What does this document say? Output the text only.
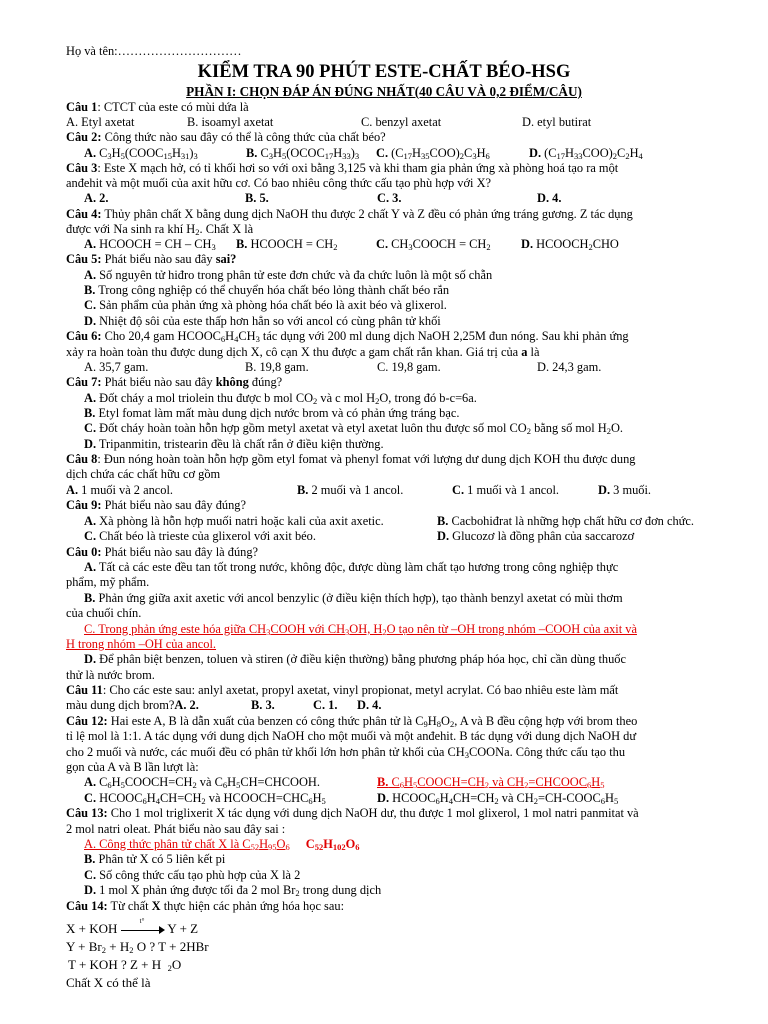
Họ và tên:…………………………
KIỂM TRA 90 PHÚT ESTE-CHẤT BÉO-HSG
PHẦN I: CHỌN ĐÁP ÁN ĐÚNG NHẤT(40 CÂU VÀ 0,2 ĐIỂM/CÂU)
Câu 1: CTCT của este có mùi dứa là
A. Etyl axetat	B. isoamyl axetat	C. benzyl axetat	D. etyl butirat
Câu 2: Công thức nào sau đây có thể là công thức của chất béo?
A. $C_3H_5(COOC_{15}H_{31})_3$	B. $C_3H_5(OCOC_{17}H_{33})_3$ C. $(C_{17}H_{35}COO)_2C_3H_6$	D. $(C_{17}H_{33}COO)_2C_2H_4$
Câu 3: Este X mạch hở, có tỉ khối hơi so với oxi bằng 3,125 và khi tham gia phản ứng xà phòng hoá tạo ra một
anđehit và một muối của axit hữu cơ. Có bao nhiêu công thức cấu tạo phù hợp với X?
A. 2.	B. 5.	C. 3.	D. 4.
Câu 4: Thủy phân chất X bằng dung dịch NaOH thu được 2 chất Y và Z đều có phản ứng tráng gương. Z tác dụng
được với Na sinh ra khí $H_2$. Chất X là
A. HCOOCH = CH – $CH_3$ B. HCOOCH = $CH_2$	C. $CH_3COOCH = CH_2$ D. $HCOOCH_2CHO$
Câu 5: Phát biểu nào sau đây sai?
A. Số nguyên tử hiđro trong phân tử este đơn chức và đa chức luôn là một số chẵn
B. Trong công nghiệp có thể chuyển hóa chất béo lỏng thành chất béo rắn
C. Sản phẩm của phản ứng xà phòng hóa chất béo là axit béo và glixerol.
D. Nhiệt độ sôi của este thấp hơn hẳn so với ancol có cùng phân tử khối
Câu 6: Cho 20,4 gam $HCOOC_6H_4CH_3$ tác dụng với 200 ml dung dịch NaOH 2,25M đun nóng. Sau khi phản ứng
xảy ra hoàn toàn thu được dung dịch X, cô cạn X thu được a gam chất rắn khan. Giá trị của a là
A. 35,7 gam.	B. 19,8 gam.	C. 19,8 gam.	D. 24,3 gam.
Câu 7: Phát biểu nào sau đây không đúng?
A. Đốt cháy a mol triolein thu được b mol $CO_2$ và c mol $H_2O$, trong đó b-c=6a.
B. Etyl fomat làm mất màu dung dịch nước brom và có phản ứng tráng bạc.
C. Đốt cháy hoàn toàn hỗn hợp gồm metyl axetat và etyl axetat luôn thu được số mol $CO_2$ bằng số mol $H_2O$.
D. Tripanmitin, tristearin đều là chất rắn ở điều kiện thường.
Câu 8: Đun nóng hoàn toàn hỗn hợp gồm etyl fomat và phenyl fomat với lượng dư dung dịch KOH thu được dung
dịch chứa các chất hữu cơ gồm
A. 1 muối và 2 ancol.	B. 2 muối và 1 ancol.	C. 1 muối và 1 ancol.	D. 3 muối.
Câu 9: Phát biểu nào sau đây đúng?
A. Xà phòng là hỗn hợp muối natri hoặc kali của axit axetic.	B. Cacbohiđrat là những hợp chất hữu cơ đơn chức.
C. Chất béo là trieste của glixerol với axit béo.	D. Glucozơ là đồng phân của saccarozơ
Câu 0: Phát biểu nào sau đây là đúng?
A. Tất cả các este đều tan tốt trong nước, không độc, được dùng làm chất tạo hương trong công nghiệp thực
phẩm, mỹ phẩm.
B. Phản ứng giữa axit axetic với ancol benzylic (ở điều kiện thích hợp), tạo thành benzyl axetat có mùi thơm
của chuối chín.
C. Trong phản ứng este hóa giữa $CH_3COOH$ với $CH_3OH$, $H_2O$ tạo nên từ –OH trong nhóm –COOH của axit và
H trong nhóm –OH của ancol.
D. Để phân biệt benzen, toluen và stiren (ở điều kiện thường) bằng phương pháp hóa học, chỉ cần dùng thuốc
thử là nước brom.
Câu 11: Cho các este sau: anlyl axetat, propyl axetat, vinyl propionat, metyl acrylat. Có bao nhiêu este làm mất
màu dung dịch brom?A. 2.	B. 3.	C. 1. D. 4.
Câu 12: Hai este A, B là dẫn xuất của benzen có công thức phân tử là $C_9H_8O_2$, A và B đều cộng hợp với brom theo
tỉ lệ mol là 1:1. A tác dụng với dung dịch NaOH cho một muối và một anđehit. B tác dụng với dung dịch NaOH dư
cho 2 muối và nước, các muối đều có phân tử khối lớn hơn phân tử khối của $CH_3COONa$. Công thức cấu tạo thu
gọn của A và B lần lượt là:
A. $C_6H_5COOCH=CH_2$ và $C_6H_5CH=CHCOOH$.	B. $C_6H_5COOCH=CH_2$ và $CH_2=CHCOOC_6H_5$
C. $HCOOC_6H_4CH=CH_2$ và $HCOOCH=CHC_6H_5$	D. $HCOOC_6H_4CH=CH_2$ và $CH_2=CH-COOC_6H_5$
Câu 13: Cho 1 mol triglixerit X tác dụng với dung dịch NaOH dư, thu được 1 mol glixerol, 1 mol natri panmitat và
2 mol natri oleat. Phát biểu nào sau đây sai :
A. Công thức phân tử chất X là $C_{52}H_{95}O_6$ $C_{52}H_{102}O_6$
B. Phân tử X có 5 liên kết pi
C. Số công thức cấu tạo phù hợp của X là 2
D. 1 mol X phản ứng được tối đa 2 mol $Br_2$ trong dung dịch
Câu 14: Từ chất X thực hiện các phản ứng hóa học sau:
X + KOH	t° Y + Z
$Y + Br_2 + H_2$ O ? T + 2HBr
T + KOH ? Z + H $_2$O
Chất X có thể là
